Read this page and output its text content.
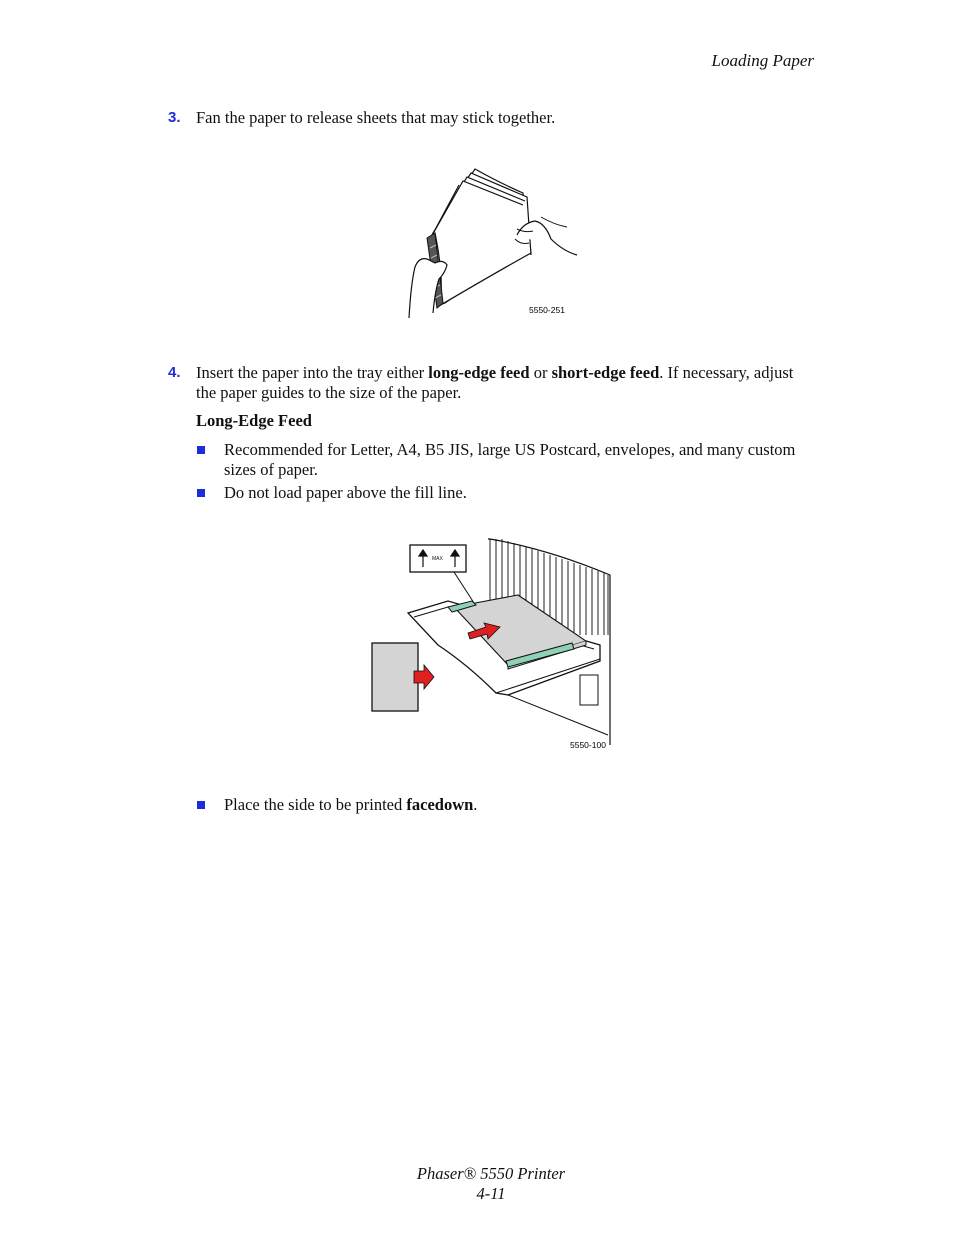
Loading Paper
3. Fan the paper to release sheets that may stick together.
5550-251
4. Insert the paper into the tray either long-edge feed or short-edge feed. If necessary, adjust the paper guides to the size of the paper.
Long-Edge Feed
Recommended for Letter, A4, B5 JIS, large US Postcard, envelopes, and many custom sizes of paper.
Do not load paper above the fill line.
MAX
5550-100
Place the side to be printed facedown.
Phaser® 5550 Printer
4-11
